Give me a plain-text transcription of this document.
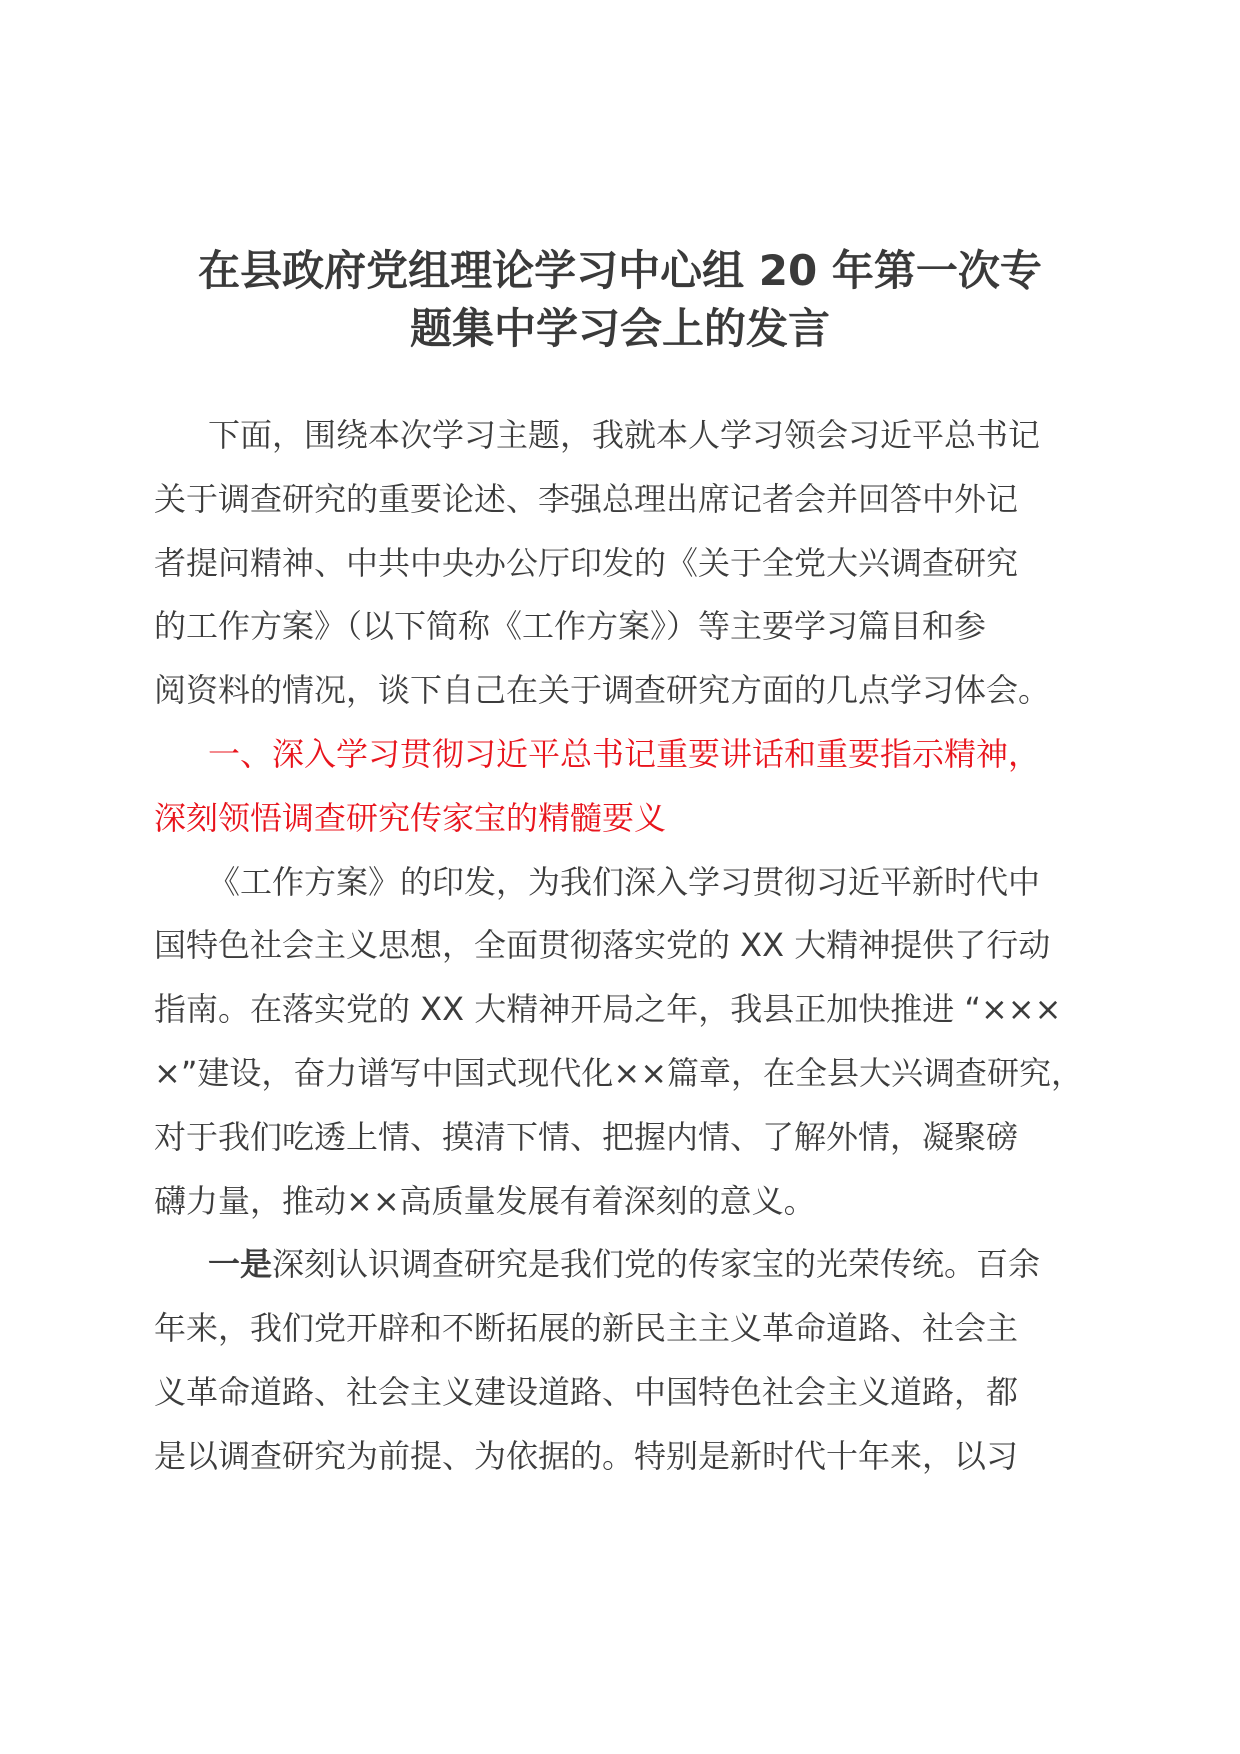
在县政府党组理论学习中心组 20 年第一次专
题集中学习会上的发言
下面，围绕本次学习主题，我就本人学习领会习近平总书记
关于调查研究的重要论述、李强总理出席记者会并回答中外记
者提问精神、中共中央办公厅印发的《关于全党大兴调查研究
的工作方案》（以下简称《工作方案》）等主要学习篇目和参
阅资料的情况，谈下自己在关于调查研究方面的几点学习体会。
一、深入学习贯彻习近平总书记重要讲话和重要指示精神，
深刻领悟调查研究传家宝的精髓要义
《工作方案》的印发，为我们深入学习贯彻习近平新时代中
国特色社会主义思想，全面贯彻落实党的 XX 大精神提供了行动
指南。在落实党的 XX 大精神开局之年，我县正加快推进 “×××
×”建设，奋力谱写中国式现代化××篇章，在全县大兴调查研究，
对于我们吃透上情、摸清下情、把握内情、了解外情，凝聚磅
礴力量，推动××高质量发展有着深刻的意义。
一是深刻认识调查研究是我们党的传家宝的光荣传统。百余
年来，我们党开辟和不断拓展的新民主主义革命道路、社会主
义革命道路、社会主义建设道路、中国特色社会主义道路，都
是以调查研究为前提、为依据的。特别是新时代十年来，以习
